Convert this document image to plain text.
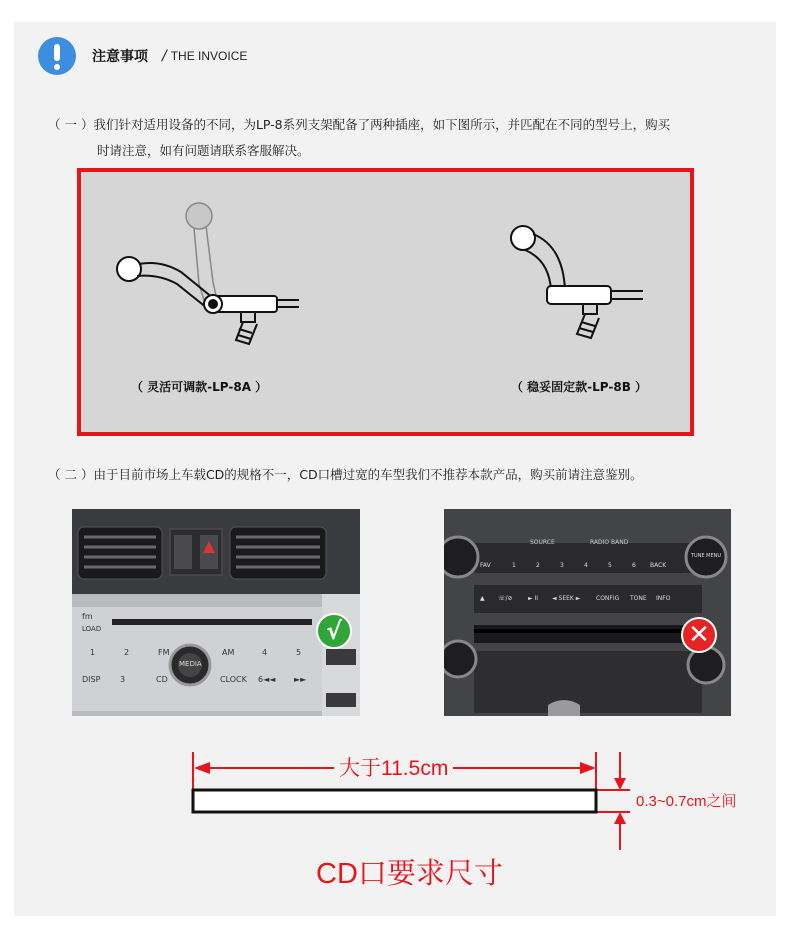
注意事项 / THE INVOICE
（ 一 ）我们针对适用设备的不同，为LP-8系列支架配备了两种插座，如下图所示，并匹配在不同的型号上，购买
时请注意，如有问题请联系客服解决。
（ 灵活可调款-LP-8A ）	（ 稳妥固定款-LP-8B ）
（ 二 ）由于目前市场上车载CD的规格不一，CD口槽过宽的车型我们不推荐本款产品，购买前请注意鉴别。
fm
LOAD
MEDIA
1	2	FM	AM	4	5
DISP 3	CD	CLOCK 6◄◄ ►►
√
SOURCE	RADIO BAND
FAV	1	2	3	4	5	6 BACK
TUNE MENU
▲ ☏/⊘	► II ◄ SEEK ►	CONFIG TONE INFO
✕
大于11.5cm
0.3~0.7cm之间
CD口要求尺寸
